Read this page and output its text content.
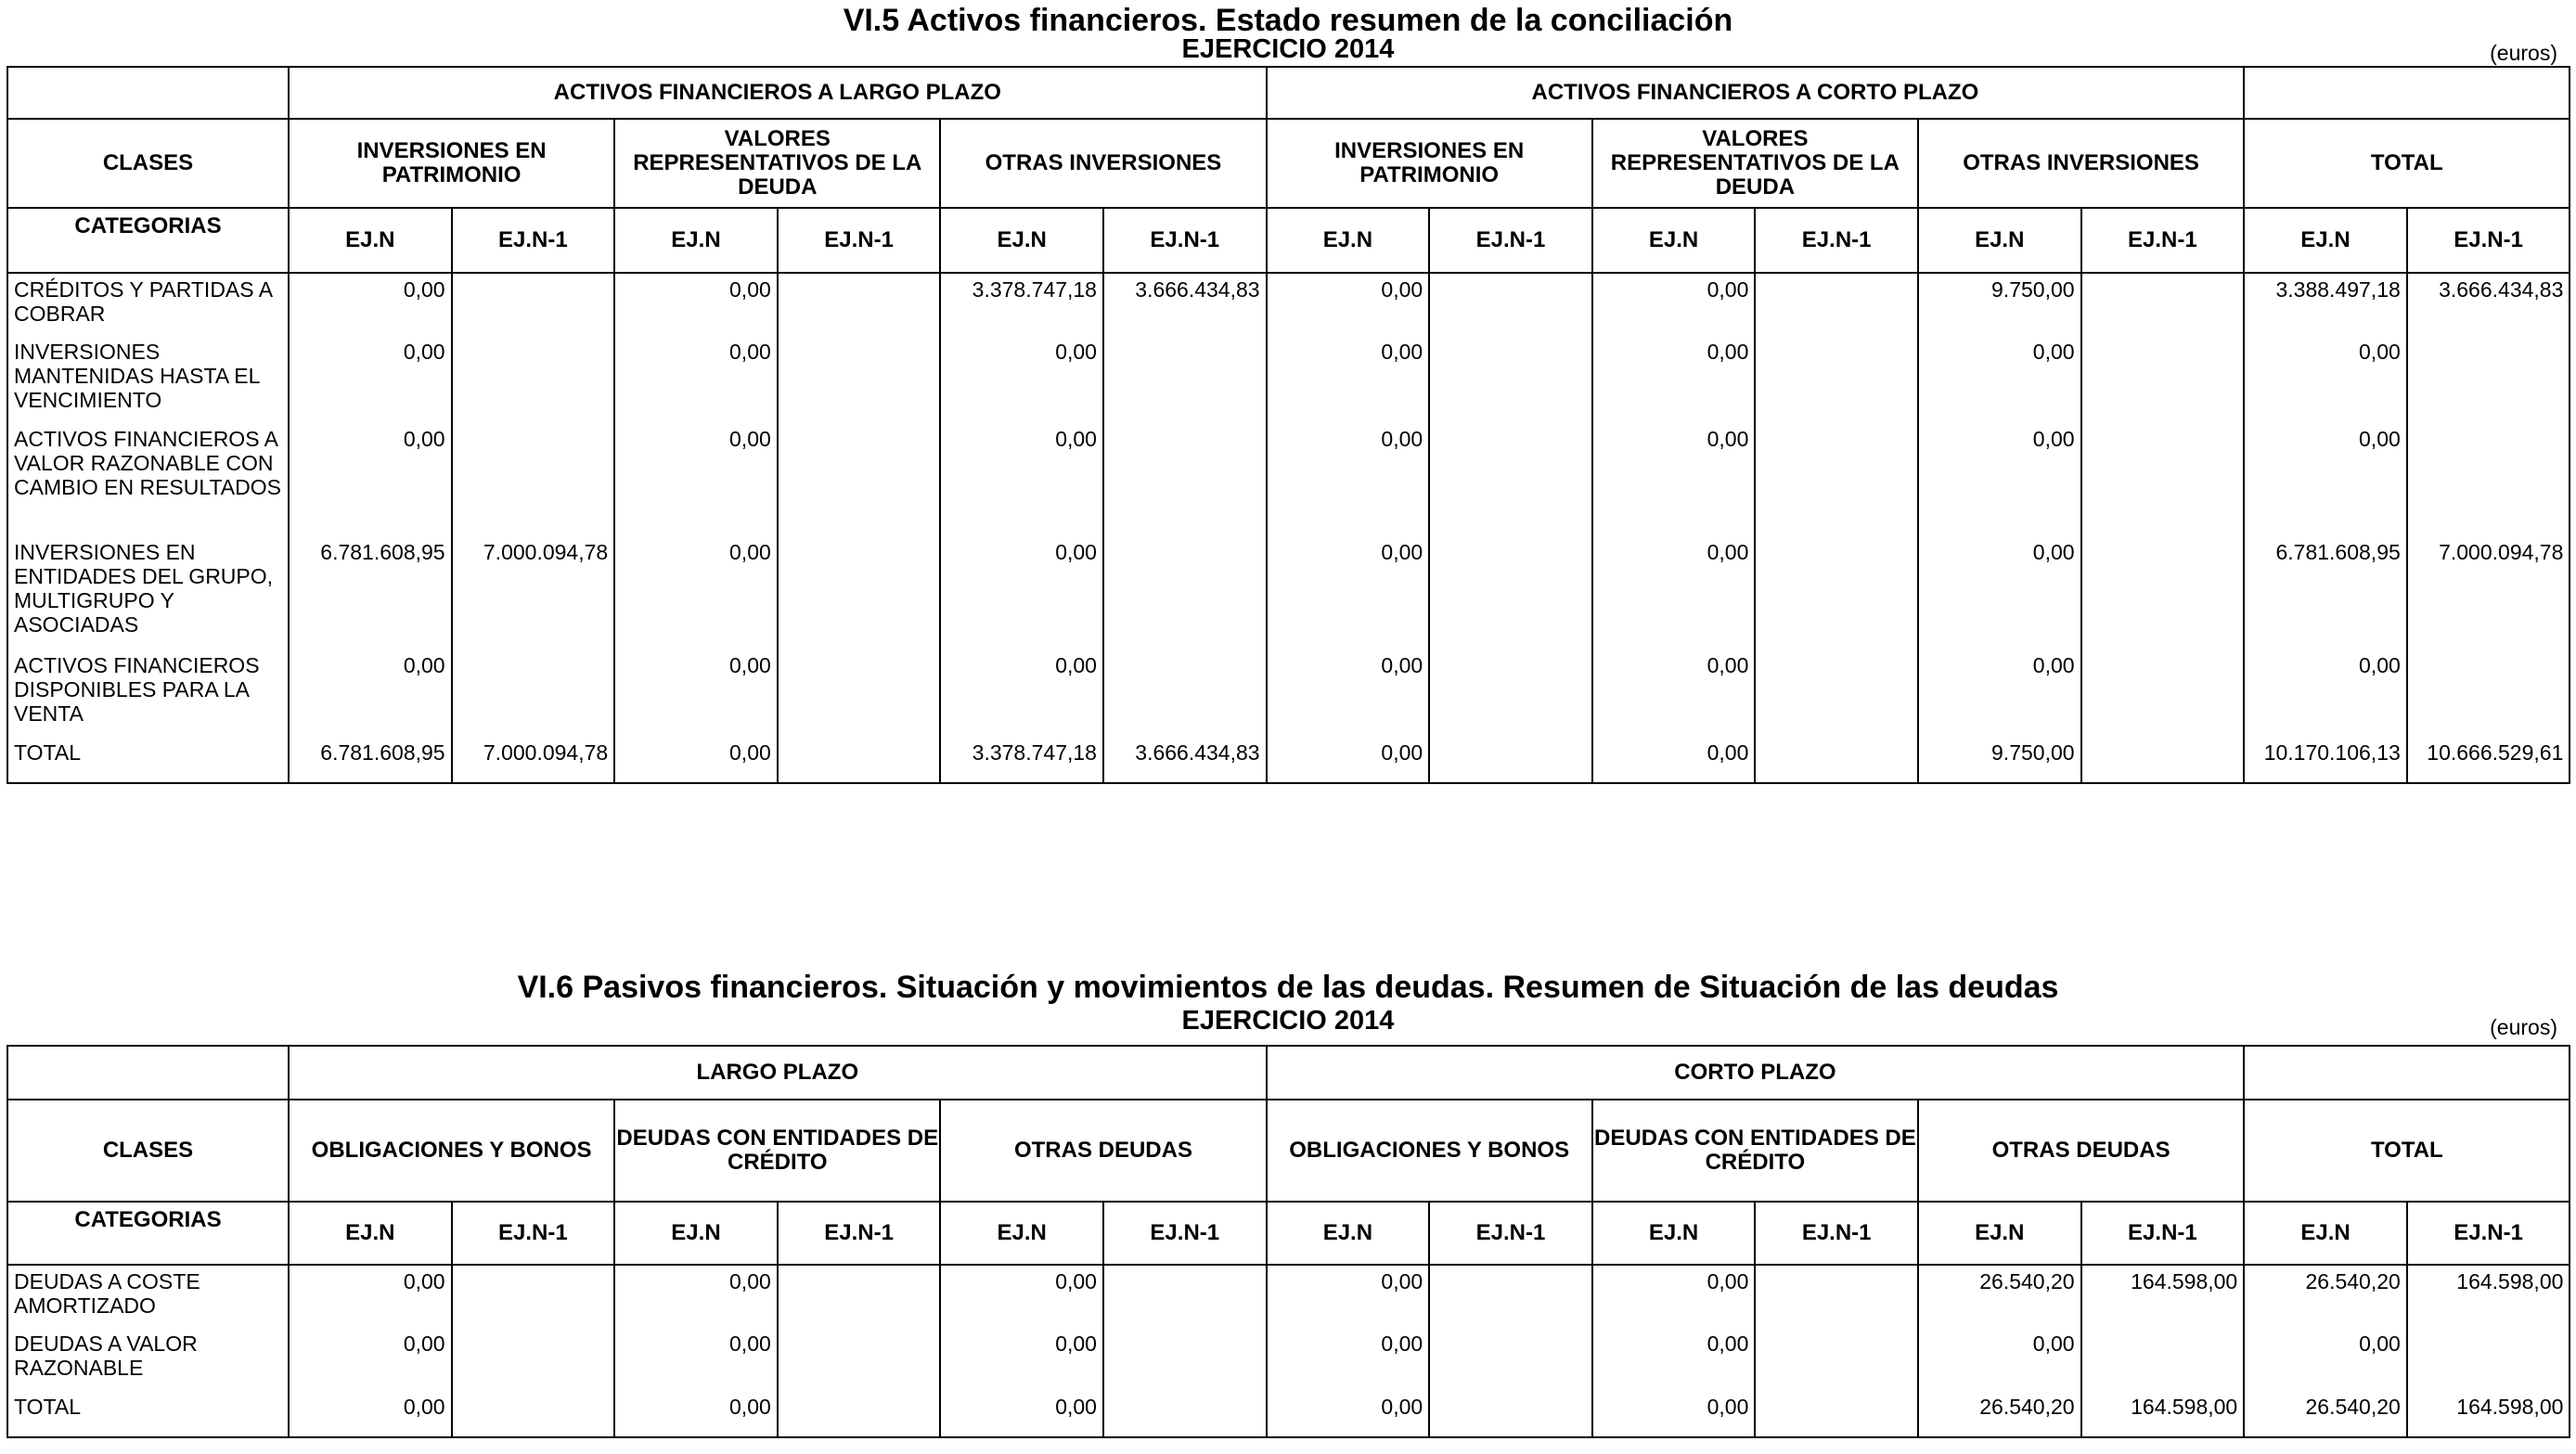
VI.5 Activos financieros. Estado resumen de la conciliación
EJERCICIO 2014	(euros)
	ACTIVOS FINANCIEROS A LARGO PLAZO						ACTIVOS FINANCIEROS A CORTO PLAZO							
CLASES	INVERSIONES EN PATRIMONIO		VALORES REPRESENTATIVOS DE LA DEUDA		OTRAS INVERSIONES		INVERSIONES EN PATRIMONIO		VALORES REPRESENTATIVOS DE LA DEUDA		OTRAS INVERSIONES		TOTAL	
CATEGORIAS	EJ.N	EJ.N-1	EJ.N	EJ.N-1	EJ.N	EJ.N-1	EJ.N	EJ.N-1	EJ.N	EJ.N-1	EJ.N	EJ.N-1	EJ.N	EJ.N-1
CRÉDITOS Y PARTIDAS A COBRAR	0,00		0,00		3.378.747,18	3.666.434,83	0,00		0,00		9.750,00		3.388.497,18	3.666.434,83
INVERSIONES MANTENIDAS HASTA EL VENCIMIENTO	0,00		0,00		0,00		0,00		0,00		0,00		0,00	
ACTIVOS FINANCIEROS A VALOR RAZONABLE CON CAMBIO EN RESULTADOS	0,00		0,00		0,00		0,00		0,00		0,00		0,00	
INVERSIONES EN ENTIDADES DEL GRUPO, MULTIGRUPO Y ASOCIADAS	6.781.608,95	7.000.094,78	0,00		0,00		0,00		0,00		0,00		6.781.608,95	7.000.094,78
ACTIVOS FINANCIEROS DISPONIBLES PARA LA VENTA	0,00		0,00		0,00		0,00		0,00		0,00		0,00	
TOTAL	6.781.608,95	7.000.094,78	0,00		3.378.747,18	3.666.434,83	0,00		0,00		9.750,00		10.170.106,13	10.666.529,61
VI.6 Pasivos financieros. Situación y movimientos de las deudas. Resumen de Situación de las deudas
EJERCICIO 2014	(euros)
	LARGO PLAZO						CORTO PLAZO							
CLASES	OBLIGACIONES Y BONOS		DEUDAS CON ENTIDADES DE CRÉDITO		OTRAS DEUDAS		OBLIGACIONES Y BONOS		DEUDAS CON ENTIDADES DE CRÉDITO		OTRAS DEUDAS		TOTAL	
CATEGORIAS	EJ.N	EJ.N-1	EJ.N	EJ.N-1	EJ.N	EJ.N-1	EJ.N	EJ.N-1	EJ.N	EJ.N-1	EJ.N	EJ.N-1	EJ.N	EJ.N-1
DEUDAS A COSTE AMORTIZADO	0,00		0,00		0,00		0,00		0,00		26.540,20	164.598,00	26.540,20	164.598,00
DEUDAS A VALOR RAZONABLE	0,00		0,00		0,00		0,00		0,00		0,00		0,00	
TOTAL	0,00		0,00		0,00		0,00		0,00		26.540,20	164.598,00	26.540,20	164.598,00
